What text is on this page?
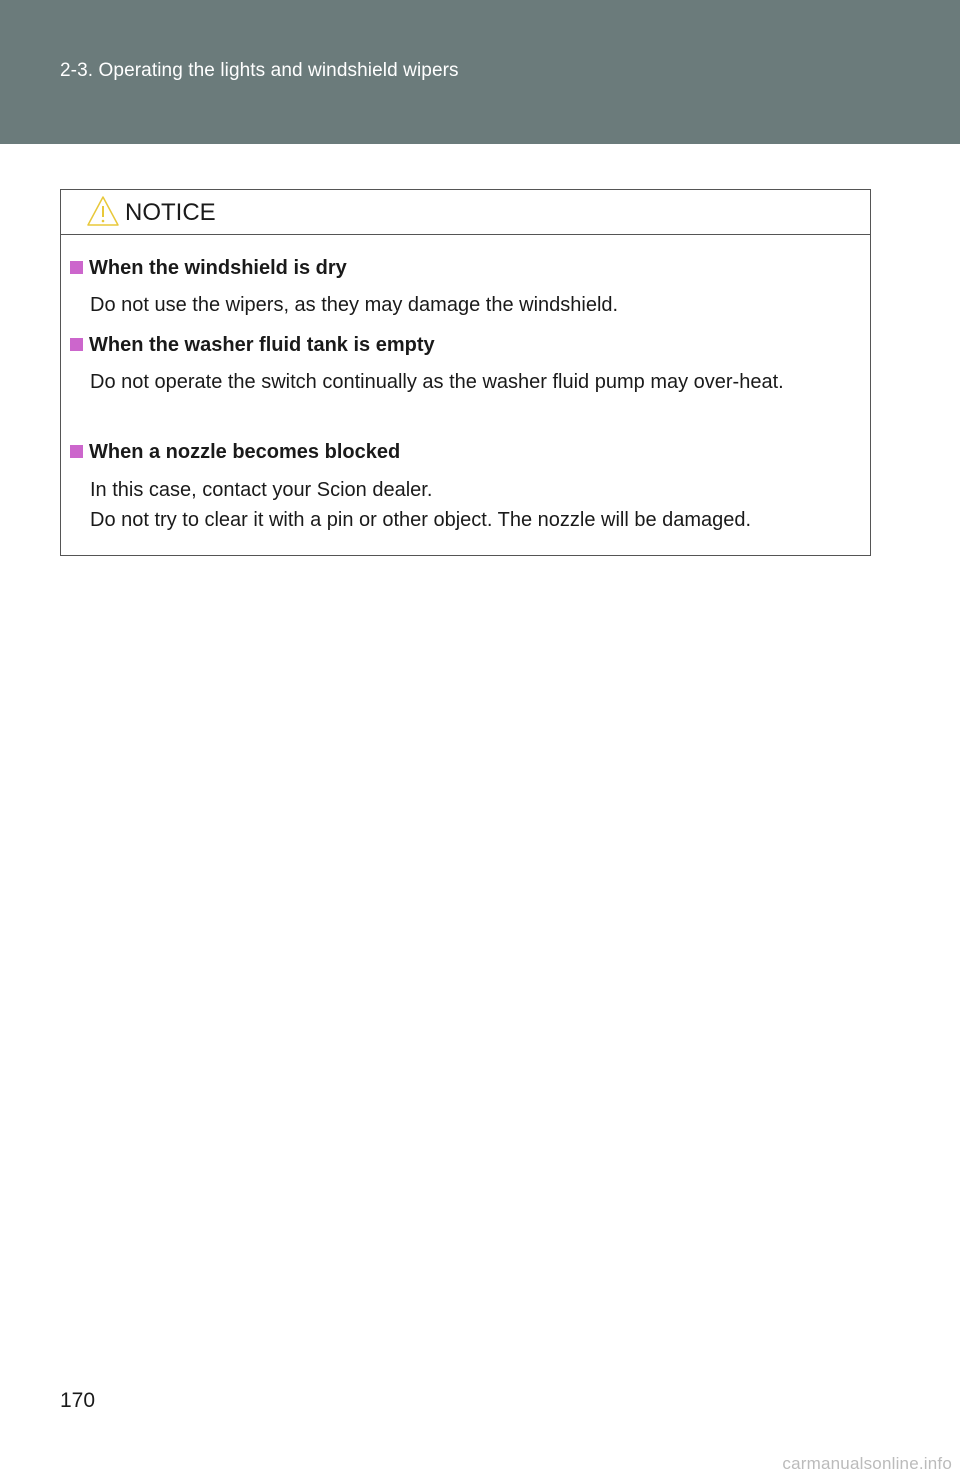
2-3. Operating the lights and windshield wipers
NOTICE
When the windshield is dry

Do not use the wipers, as they may damage the windshield.

When the washer fluid tank is empty

Do not operate the switch continually as the washer fluid pump may over-heat.

When a nozzle becomes blocked

In this case, contact your Scion dealer.

Do not try to clear it with a pin or other object. The nozzle will be damaged.

170
carmanualsonline.info
